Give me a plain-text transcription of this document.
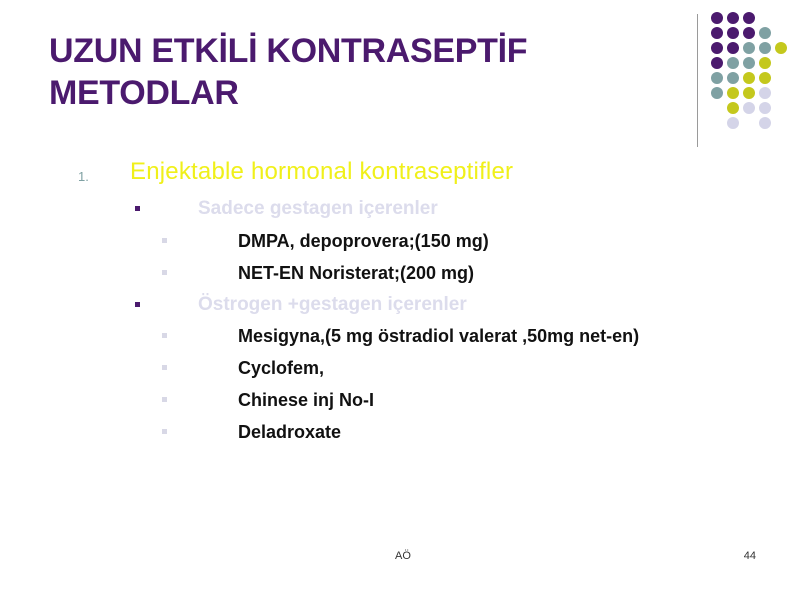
UZUN ETKİLİ KONTRASEPTİF METODLAR
1. Enjektable hormonal kontraseptifler
Sadece gestagen içerenler
DMPA, depoprovera;(150 mg)
NET-EN Noristerat;(200 mg)
Östrogen +gestagen içerenler
Mesigyna,(5 mg östradiol valerat ,50mg net-en)
Cyclofem,
Chinese inj No-I
Deladroxate
AÖ	44
